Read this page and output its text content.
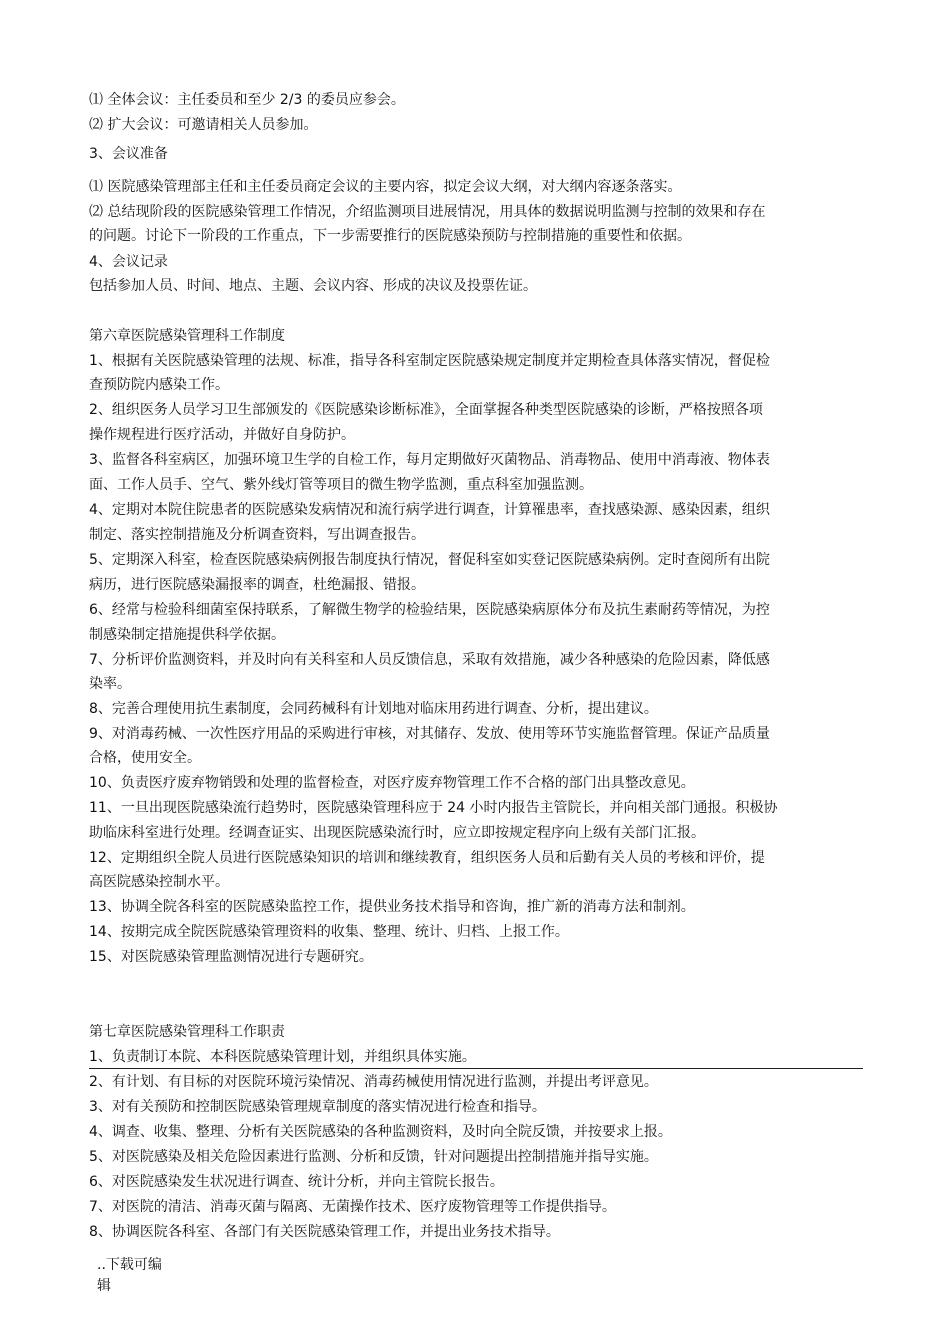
⑴ 全体会议：主任委员和至少 2/3 的委员应参会。
⑵ 扩大会议：可邀请相关人员参加。
3、会议准备
⑴ 医院感染管理部主任和主任委员商定会议的主要内容，拟定会议大纲，对大纲内容逐条落实。
⑵ 总结现阶段的医院感染管理工作情况，介绍监测项目进展情况，用具体的数据说明监测与控制的效果和存在
的问题。讨论下一阶段的工作重点，下一步需要推行的医院感染预防与控制措施的重要性和依据。
4、会议记录
包括参加人员、时间、地点、主题、会议内容、形成的决议及投票佐证。
第六章医院感染管理科工作制度
1、根据有关医院感染管理的法规、标准，指导各科室制定医院感染规定制度并定期检查具体落实情况，督促检
查预防院内感染工作。
2、组织医务人员学习卫生部颁发的《医院感染诊断标准》，全面掌握各种类型医院感染的诊断，严格按照各项
操作规程进行医疗活动，并做好自身防护。
3、监督各科室病区，加强环境卫生学的自检工作，每月定期做好灭菌物品、消毒物品、使用中消毒液、物体表
面、工作人员手、空气、紫外线灯管等项目的微生物学监测，重点科室加强监测。
4、定期对本院住院患者的医院感染发病情况和流行病学进行调查，计算罹患率，查找感染源、感染因素，组织
制定、落实控制措施及分析调查资料，写出调查报告。
5、定期深入科室，检查医院感染病例报告制度执行情况，督促科室如实登记医院感染病例。定时查阅所有出院
病历，进行医院感染漏报率的调查，杜绝漏报、错报。
6、经常与检验科细菌室保持联系，了解微生物学的检验结果，医院感染病原体分布及抗生素耐药等情况，为控
制感染制定措施提供科学依据。
7、分析评价监测资料，并及时向有关科室和人员反馈信息，采取有效措施，减少各种感染的危险因素，降低感
染率。
8、完善合理使用抗生素制度，会同药械科有计划地对临床用药进行调查、分析，提出建议。
9、对消毒药械、一次性医疗用品的采购进行审核，对其储存、发放、使用等环节实施监督管理。保证产品质量
合格，使用安全。
10、负责医疗废弃物销毁和处理的监督检查，对医疗废弃物管理工作不合格的部门出具整改意见。
11、一旦出现医院感染流行趋势时，医院感染管理科应于 24 小时内报告主管院长，并向相关部门通报。积极协
助临床科室进行处理。经调查证实、出现医院感染流行时，应立即按规定程序向上级有关部门汇报。
12、定期组织全院人员进行医院感染知识的培训和继续教育，组织医务人员和后勤有关人员的考核和评价，提
高医院感染控制水平。
13、协调全院各科室的医院感染监控工作，提供业务技术指导和咨询，推广新的消毒方法和制剂。
14、按期完成全院医院感染管理资料的收集、整理、统计、归档、上报工作。
15、对医院感染管理监测情况进行专题研究。
第七章医院感染管理科工作职责
1、负责制订本院、本科医院感染管理计划，并组织具体实施。
2、有计划、有目标的对医院环境污染情况、消毒药械使用情况进行监测，并提出考评意见。
3、对有关预防和控制医院感染管理规章制度的落实情况进行检查和指导。
4、调查、收集、整理、分析有关医院感染的各种监测资料，及时向全院反馈，并按要求上报。
5、对医院感染及相关危险因素进行监测、分析和反馈，针对问题提出控制措施并指导实施。
6、对医院感染发生状况进行调查、统计分析，并向主管院长报告。
7、对医院的清洁、消毒灭菌与隔离、无菌操作技术、医疗废物管理等工作提供指导。
8、协调医院各科室、各部门有关医院感染管理工作，并提出业务技术指导。
..下载可编
辑
